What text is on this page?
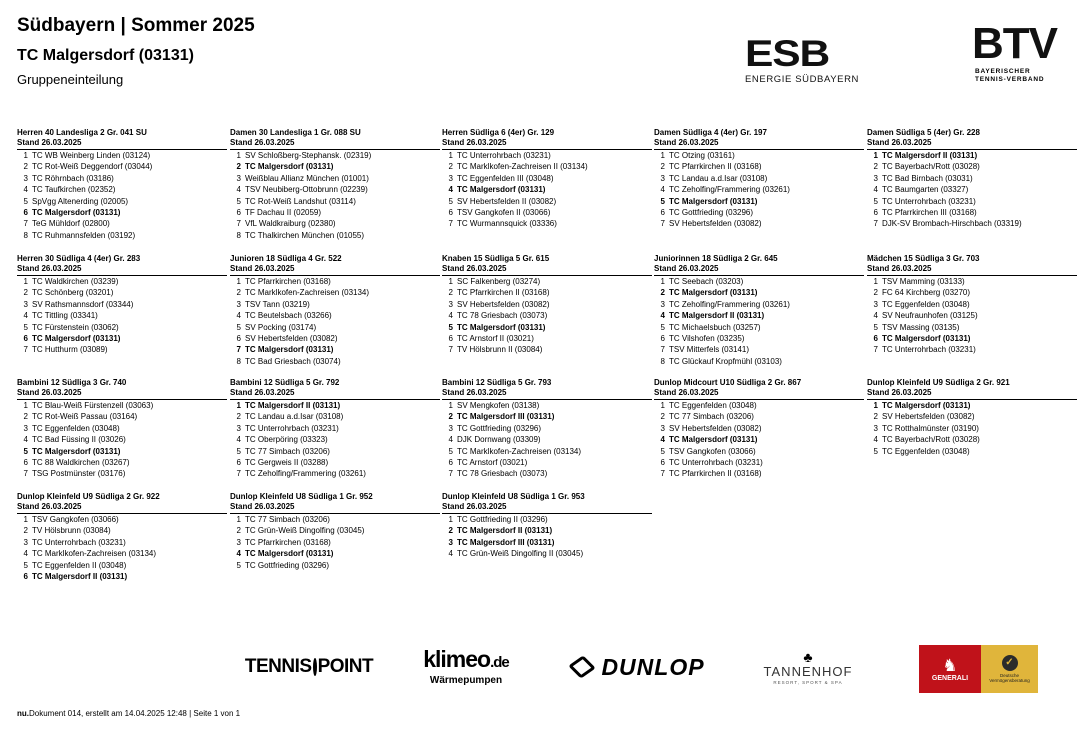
Südbayern | Sommer 2025
TC Malgersdorf (03131)
Gruppeneinteilung
ESB
ENERGIE SÜDBAYERN
BTV
BAYERISCHER
TENNIS-VERBAND
Herren 40 Landesliga 2 Gr. 041 SU
Stand 26.03.2025
1 TC WB Weinberg Linden (03124)
2 TC Rot-Weiß Deggendorf (03044)
3 TC Röhrnbach (03186)
4 TC Taufkirchen (02352)
5 SpVgg Altenerding (02005)
6 TC Malgersdorf (03131)
7 TeG Mühldorf (02800)
8 TC Ruhmannsfelden (03192)
Damen 30 Landesliga 1 Gr. 088 SU
Stand 26.03.2025
1 SV Schloßberg-Stephansk. (02319)
2 TC Malgersdorf (03131)
3 Weißblau Allianz München (01001)
4 TSV Neubiberg-Ottobrunn (02239)
5 TC Rot-Weiß Landshut (03114)
6 TF Dachau II (02059)
7 VfL Waldkraiburg (02380)
8 TC Thalkirchen München (01055)
Herren Südliga 6 (4er) Gr. 129
Stand 26.03.2025
1 TC Unterrohrbach (03231)
2 TC Marklkofen-Zachreisen II (03134)
3 TC Eggenfelden III (03048)
4 TC Malgersdorf (03131)
5 SV Hebertsfelden II (03082)
6 TSV Gangkofen II (03066)
7 TC Wurmannsquick (03336)
Damen Südliga 4 (4er) Gr. 197
Stand 26.03.2025
1 TC Otzing (03161)
2 TC Pfarrkirchen II (03168)
3 TC Landau a.d.Isar (03108)
4 TC Zeholfing/Frammering (03261)
5 TC Malgersdorf (03131)
6 TC Gottfrieding (03296)
7 SV Hebertsfelden (03082)
Damen Südliga 5 (4er) Gr. 228
Stand 26.03.2025
1 TC Malgersdorf II (03131)
2 TC Bayerbach/Rott (03028)
3 TC Bad Birnbach (03031)
4 TC Baumgarten (03327)
5 TC Unterrohrbach (03231)
6 TC Pfarrkirchen III (03168)
7 DJK-SV Brombach-Hirschbach (03319)
Herren 30 Südliga 4 (4er) Gr. 283
Stand 26.03.2025
1 TC Waldkirchen (03239)
2 TC Schönberg (03201)
3 SV Rathsmannsdorf (03344)
4 TC Tittling (03341)
5 TC Fürstenstein (03062)
6 TC Malgersdorf (03131)
7 TC Hutthurm (03089)
Junioren 18 Südliga 4 Gr. 522
Stand 26.03.2025
1 TC Pfarrkirchen (03168)
2 TC Marklkofen-Zachreisen (03134)
3 TSV Tann (03219)
4 TC Beutelsbach (03266)
5 SV Pocking (03174)
6 SV Hebertsfelden (03082)
7 TC Malgersdorf (03131)
8 TC Bad Griesbach (03074)
Knaben 15 Südliga 5 Gr. 615
Stand 26.03.2025
1 SC Falkenberg (03274)
2 TC Pfarrkirchen II (03168)
3 SV Hebertsfelden (03082)
4 TC 78 Griesbach (03073)
5 TC Malgersdorf (03131)
6 TC Arnstorf II (03021)
7 TV Hölsbrunn II (03084)
Juniorinnen 18 Südliga 2 Gr. 645
Stand 26.03.2025
1 TC Seebach (03203)
2 TC Malgersdorf (03131)
3 TC Zeholfing/Frammering (03261)
4 TC Malgersdorf II (03131)
5 TC Michaelsbuch (03257)
6 TC Vilshofen (03235)
7 TSV Mitterfels (03141)
8 TC Glückauf Kropfmühl (03103)
Mädchen 15 Südliga 3 Gr. 703
Stand 26.03.2025
1 TSV Mamming (03133)
2 FC 64 Kirchberg (03270)
3 TC Eggenfelden (03048)
4 SV Neufraunhofen (03125)
5 TSV Massing (03135)
6 TC Malgersdorf (03131)
7 TC Unterrohrbach (03231)
Bambini 12 Südliga 3 Gr. 740
Stand 26.03.2025
1 TC Blau-Weiß Fürstenzell (03063)
2 TC Rot-Weiß Passau (03164)
3 TC Eggenfelden (03048)
4 TC Bad Füssing II (03026)
5 TC Malgersdorf (03131)
6 TC 88 Waldkirchen (03267)
7 TSG Postmünster (03176)
Bambini 12 Südliga 5 Gr. 792
Stand 26.03.2025
1 TC Malgersdorf II (03131)
2 TC Landau a.d.Isar (03108)
3 TC Unterrohrbach (03231)
4 TC Oberpöring (03323)
5 TC 77 Simbach (03206)
6 TC Gergweis II (03288)
7 TC Zeholfing/Frammering (03261)
Bambini 12 Südliga 5 Gr. 793
Stand 26.03.2025
1 SV Mengkofen (03138)
2 TC Malgersdorf III (03131)
3 TC Gottfrieding (03296)
4 DJK Dornwang (03309)
5 TC Marklkofen-Zachreisen (03134)
6 TC Arnstorf (03021)
7 TC 78 Griesbach (03073)
Dunlop Midcourt U10 Südliga 2 Gr. 867
Stand 26.03.2025
1 TC Eggenfelden (03048)
2 TC 77 Simbach (03206)
3 SV Hebertsfelden (03082)
4 TC Malgersdorf (03131)
5 TSV Gangkofen (03066)
6 TC Unterrohrbach (03231)
7 TC Pfarrkirchen II (03168)
Dunlop Kleinfeld U9 Südliga 2 Gr. 921
Stand 26.03.2025
1 TC Malgersdorf (03131)
2 SV Hebertsfelden (03082)
3 TC Rotthalmünster (03190)
4 TC Bayerbach/Rott (03028)
5 TC Eggenfelden (03048)
Dunlop Kleinfeld U9 Südliga 2 Gr. 922
Stand 26.03.2025
1 TSV Gangkofen (03066)
2 TV Hölsbrunn (03084)
3 TC Unterrohrbach (03231)
4 TC Marklkofen-Zachreisen (03134)
5 TC Eggenfelden II (03048)
6 TC Malgersdorf II (03131)
Dunlop Kleinfeld U8 Südliga 1 Gr. 952
Stand 26.03.2025
1 TC 77 Simbach (03206)
2 TC Grün-Weiß Dingolfing (03045)
3 TC Pfarrkirchen (03168)
4 TC Malgersdorf (03131)
5 TC Gottfrieding (03296)
Dunlop Kleinfeld U8 Südliga 1 Gr. 953
Stand 26.03.2025
1 TC Gottfrieding II (03296)
2 TC Malgersdorf II (03131)
3 TC Malgersdorf III (03131)
4 TC Grün-Weiß Dingolfing II (03045)
TENNIS POINT klimeo.de
Wärmepumpen
DUNLOP	♣
TANNENHOF
RESORT, SPORT & SPA
♞
GENERALI
✓
Deutsche Vermögensberatung
nu.Dokument 014, erstellt am 14.04.2025 12:48 | Seite 1 von 1
